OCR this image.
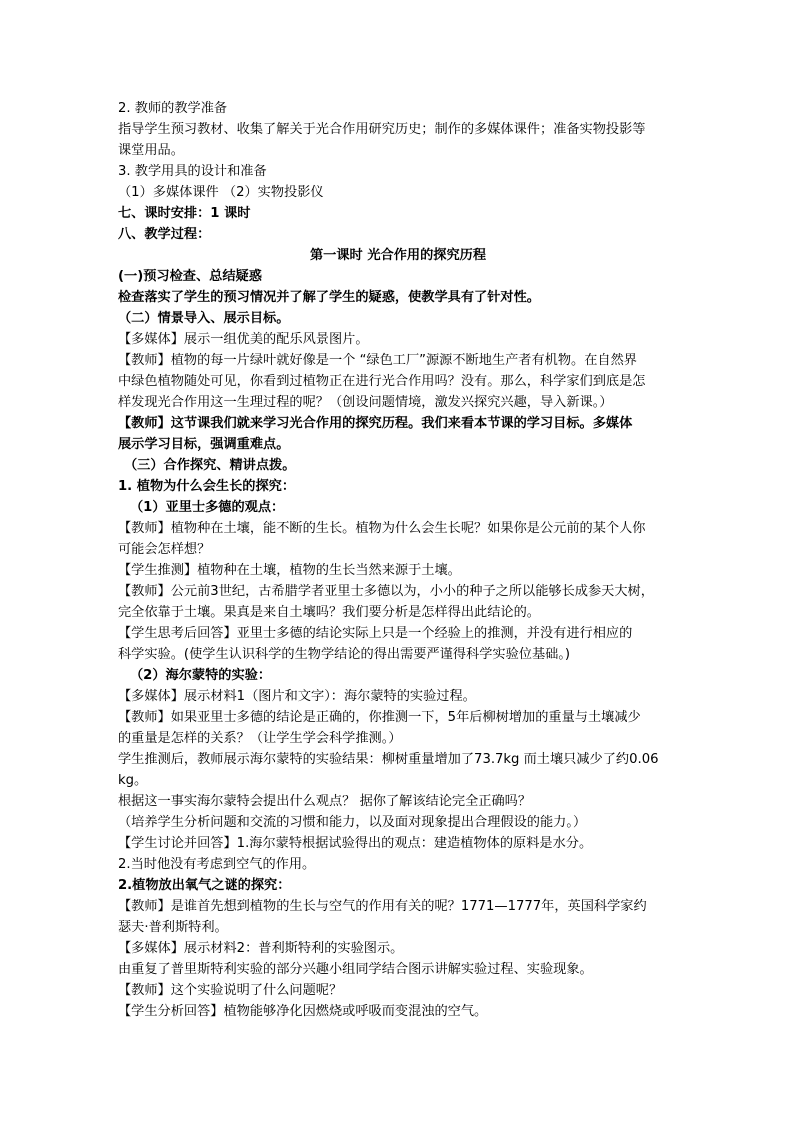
2. 教师的教学准备
指导学生预习教材、收集了解关于光合作用研究历史；制作的多媒体课件；准备实物投影等
课堂用品。
3. 教学用具的设计和准备
（1）多媒体课件 （2）实物投影仪
七、课时安排：1 课时
八、教学过程：
第一课时 光合作用的探究历程
(一)预习检查、总结疑惑
检查落实了学生的预习情况并了解了学生的疑惑，使教学具有了针对性。
（二）情景导入、展示目标。
【多媒体】展示一组优美的配乐风景图片。
【教师】植物的每一片绿叶就好像是一个 “绿色工厂”源源不断地生产者有机物。在自然界
中绿色植物随处可见，你看到过植物正在进行光合作用吗？没有。那么，科学家们到底是怎
样发现光合作用这一生理过程的呢？（创设问题情境，激发兴探究兴趣，导入新课。）
【教师】这节课我们就来学习光合作用的探究历程。我们来看本节课的学习目标。多媒体
展示学习目标，强调重难点。
（三）合作探究、精讲点拨。
1. 植物为什么会生长的探究：
（1）亚里士多德的观点：
【教师】植物种在土壤，能不断的生长。植物为什么会生长呢？如果你是公元前的某个人你
可能会怎样想？
【学生推测】植物种在土壤，植物的生长当然来源于土壤。
【教师】公元前3世纪，古希腊学者亚里士多德以为，小小的种子之所以能够长成参天大树，
完全依靠于土壤。果真是来自土壤吗？我们要分析是怎样得出此结论的。
【学生思考后回答】亚里士多德的结论实际上只是一个经验上的推测，并没有进行相应的
科学实验。(使学生认识科学的生物学结论的得出需要严谨得科学实验位基础。)
（2）海尔蒙特的实验：
【多媒体】展示材料1（图片和文字）：海尔蒙特的实验过程。
【教师】如果亚里士多德的结论是正确的，你推测一下，5年后柳树增加的重量与土壤减少
的重量是怎样的关系？（让学生学会科学推测。）
学生推测后，教师展示海尔蒙特的实验结果：柳树重量增加了73.7kg 而土壤只减少了约0.06
kg。
根据这一事实海尔蒙特会提出什么观点？ 据你了解该结论完全正确吗？
（培养学生分析问题和交流的习惯和能力，以及面对现象提出合理假设的能力。）
【学生讨论并回答】1.海尔蒙特根据试验得出的观点：建造植物体的原料是水分。
2.当时他没有考虑到空气的作用。
2.植物放出氧气之谜的探究：
【教师】是谁首先想到植物的生长与空气的作用有关的呢？1771—1777年，英国科学家约
瑟夫·普利斯特利。
【多媒体】展示材料2：普利斯特利的实验图示。
由重复了普里斯特利实验的部分兴趣小组同学结合图示讲解实验过程、实验现象。
【教师】这个实验说明了什么问题呢？
【学生分析回答】植物能够净化因燃烧或呼吸而变混浊的空气。
